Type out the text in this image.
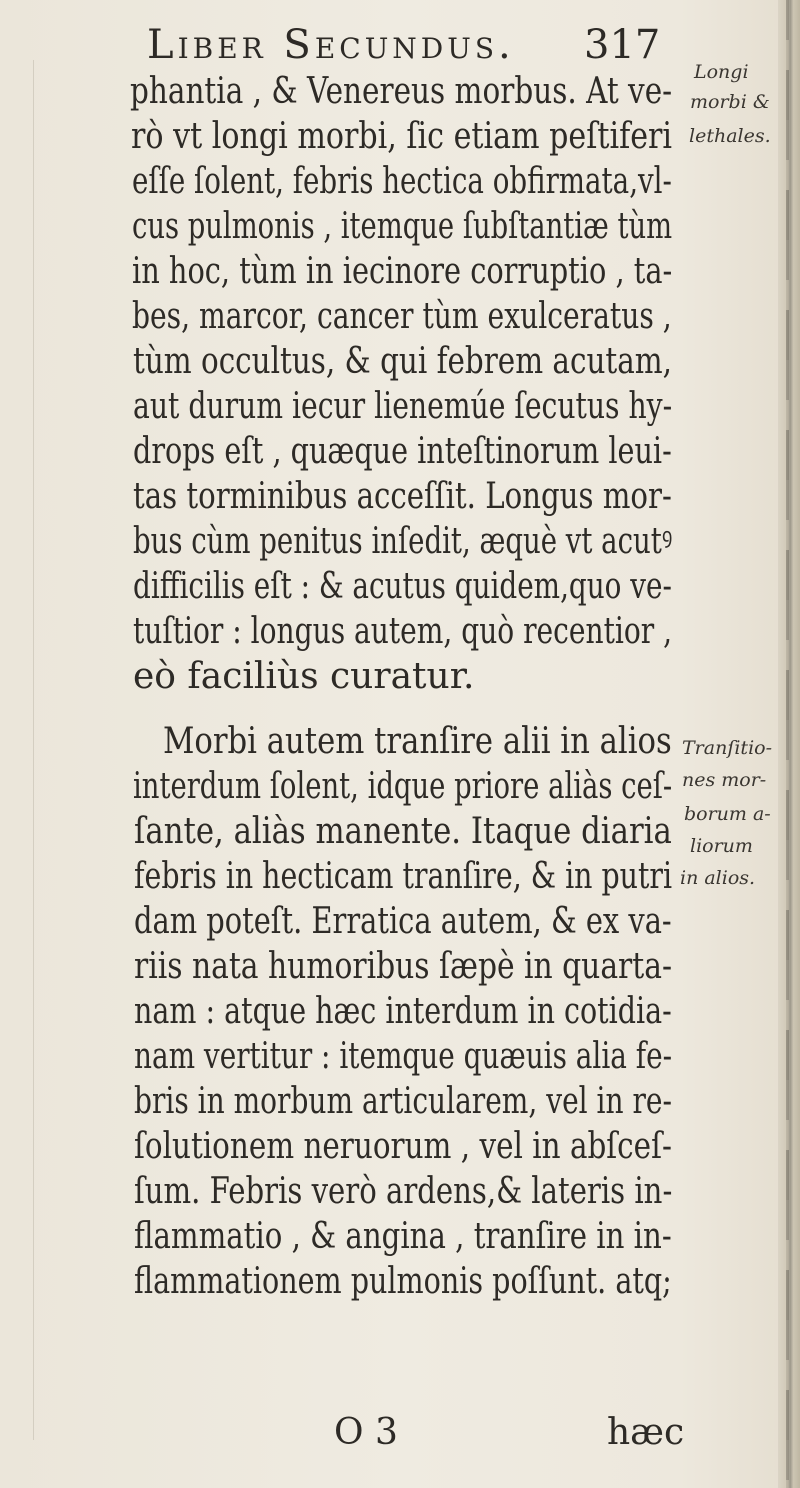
Liber Secundus. 317
phantia , & Venereus morbus. At ve-
rò vt longi morbi, ſic etiam peſtiferi
eſſe ſolent, febris hectica obfirmata,vl-
cus pulmonis , itemque ſubſtantiæ tùm
in hoc, tùm in iecinore corruptio , ta-
bes, marcor, cancer tùm exulceratus ,
tùm occultus, & qui febrem acutam,
aut durum iecur lienemúe ſecutus hy-
drops eſt , quæque inteſtinorum leui-
tas torminibus acceſſit. Longus mor-
bus cùm penitus inſedit, æquè vt acutꝰ
difficilis eſt : & acutus quidem,quo ve-
tuſtior : longus autem, quò recentior ,
eò faciliùs curatur.
Morbi autem tranſire alii in alios
interdum ſolent, idque priore aliàs ceſ-
ſante, aliàs manente. Itaque diaria
febris in hecticam tranſire, & in putri
dam poteſt. Erratica autem, & ex va-
riis nata humoribus ſæpè in quarta-
nam : atque hæc interdum in cotidia-
nam vertitur : itemque quæuis alia fe-
bris in morbum articularem, vel in re-
ſolutionem neruorum , vel in abſceſ-
ſum. Febris verò ardens,& lateris in-
flammatio , & angina , tranſire in in-
flammationem pulmonis poſſunt. atq;
Longi
morbi &
lethales.
Tranſitio-
nes mor-
borum a-
liorum
in alios.
O 3	hæc
